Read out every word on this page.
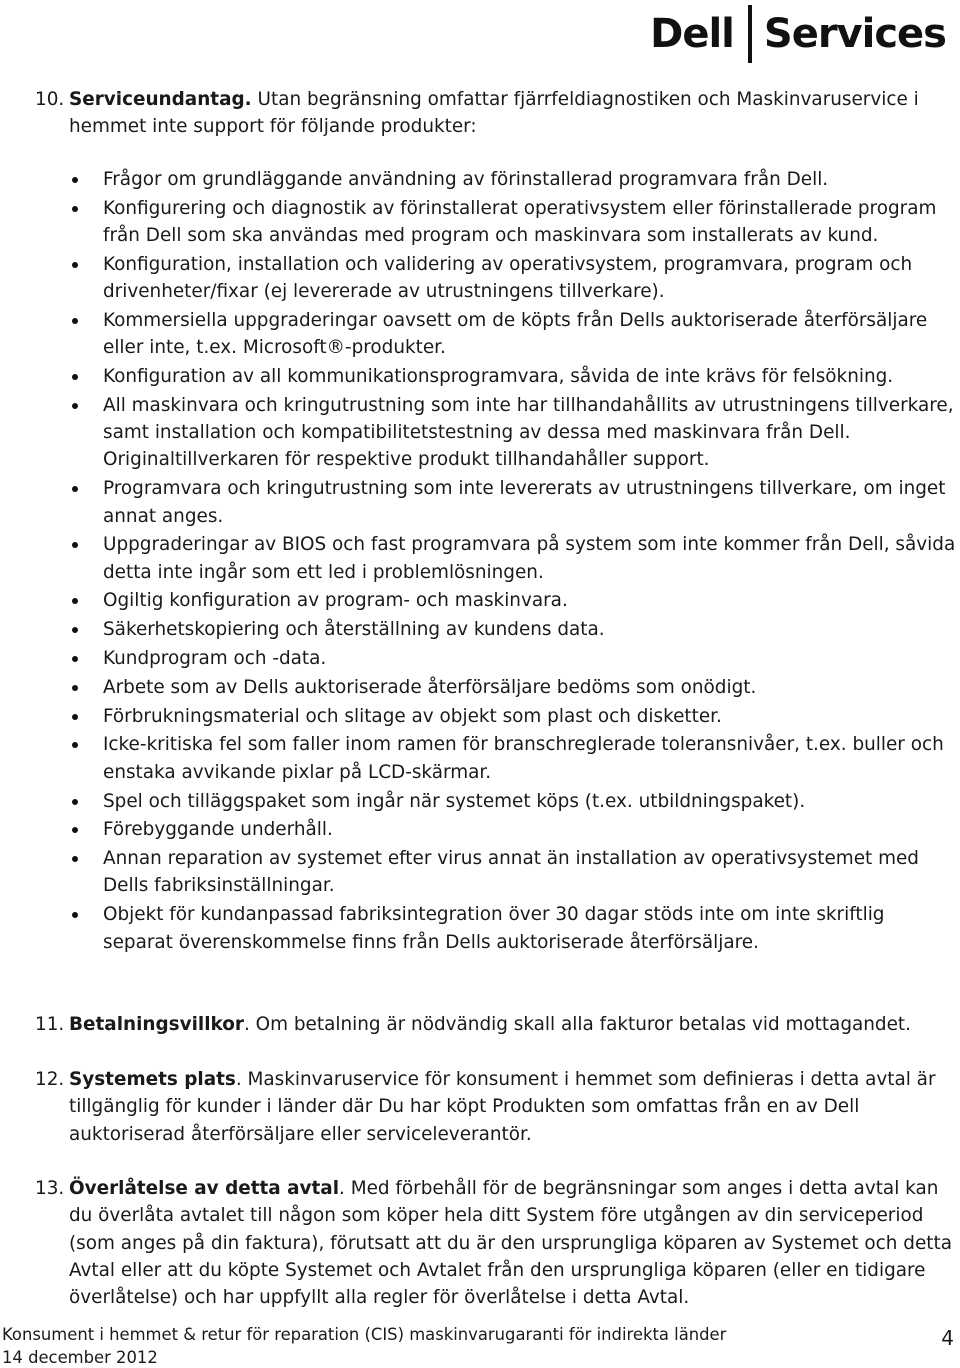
Dell Services
10. Serviceundantag. Utan begränsning omfattar fjärrfeldiagnostiken och Maskinvaruservice i hemmet inte support för följande produkter:
Frågor om grundläggande användning av förinstallerad programvara från Dell.
Konfigurering och diagnostik av förinstallerat operativsystem eller förinstallerade program från Dell som ska användas med program och maskinvara som installerats av kund.
Konfiguration, installation och validering av operativsystem, programvara, program och drivenheter/fixar (ej levererade av utrustningens tillverkare).
Kommersiella uppgraderingar oavsett om de köpts från Dells auktoriserade återförsäljare eller inte, t.ex. Microsoft®-produkter.
Konfiguration av all kommunikationsprogramvara, såvida de inte krävs för felsökning.
All maskinvara och kringutrustning som inte har tillhandahållits av utrustningens tillverkare, samt installation och kompatibilitetstestning av dessa med maskinvara från Dell. Originaltillverkaren för respektive produkt tillhandahåller support.
Programvara och kringutrustning som inte levererats av utrustningens tillverkare, om inget annat anges.
Uppgraderingar av BIOS och fast programvara på system som inte kommer från Dell, såvida detta inte ingår som ett led i problemlösningen.
Ogiltig konfiguration av program- och maskinvara.
Säkerhetskopiering och återställning av kundens data.
Kundprogram och -data.
Arbete som av Dells auktoriserade återförsäljare bedöms som onödigt.
Förbrukningsmaterial och slitage av objekt som plast och disketter.
Icke-kritiska fel som faller inom ramen för branschreglerade toleransnivåer, t.ex. buller och enstaka avvikande pixlar på LCD-skärmar.
Spel och tilläggspaket som ingår när systemet köps (t.ex. utbildningspaket).
Förebyggande underhåll.
Annan reparation av systemet efter virus annat än installation av operativsystemet med Dells fabriksinställningar.
Objekt för kundanpassad fabriksintegration över 30 dagar stöds inte om inte skriftlig separat överenskommelse finns från Dells auktoriserade återförsäljare.
11. Betalningsvillkor. Om betalning är nödvändig skall alla fakturor betalas vid mottagandet.
12. Systemets plats. Maskinvaruservice för konsument i hemmet som definieras i detta avtal är tillgänglig för kunder i länder där Du har köpt Produkten som omfattas från en av Dell auktoriserad återförsäljare eller serviceleverantör.
13. Överlåtelse av detta avtal. Med förbehåll för de begränsningar som anges i detta avtal kan du överlåta avtalet till någon som köper hela ditt System före utgången av din serviceperiod (som anges på din faktura), förutsatt att du är den ursprungliga köparen av Systemet och detta Avtal eller att du köpte Systemet och Avtalet från den ursprungliga köparen (eller en tidigare överlåtelse) och har uppfyllt alla regler för överlåtelse i detta Avtal.
Konsument i hemmet & retur för reparation (CIS) maskinvarugaranti för indirekta länder
14 december 2012
4
